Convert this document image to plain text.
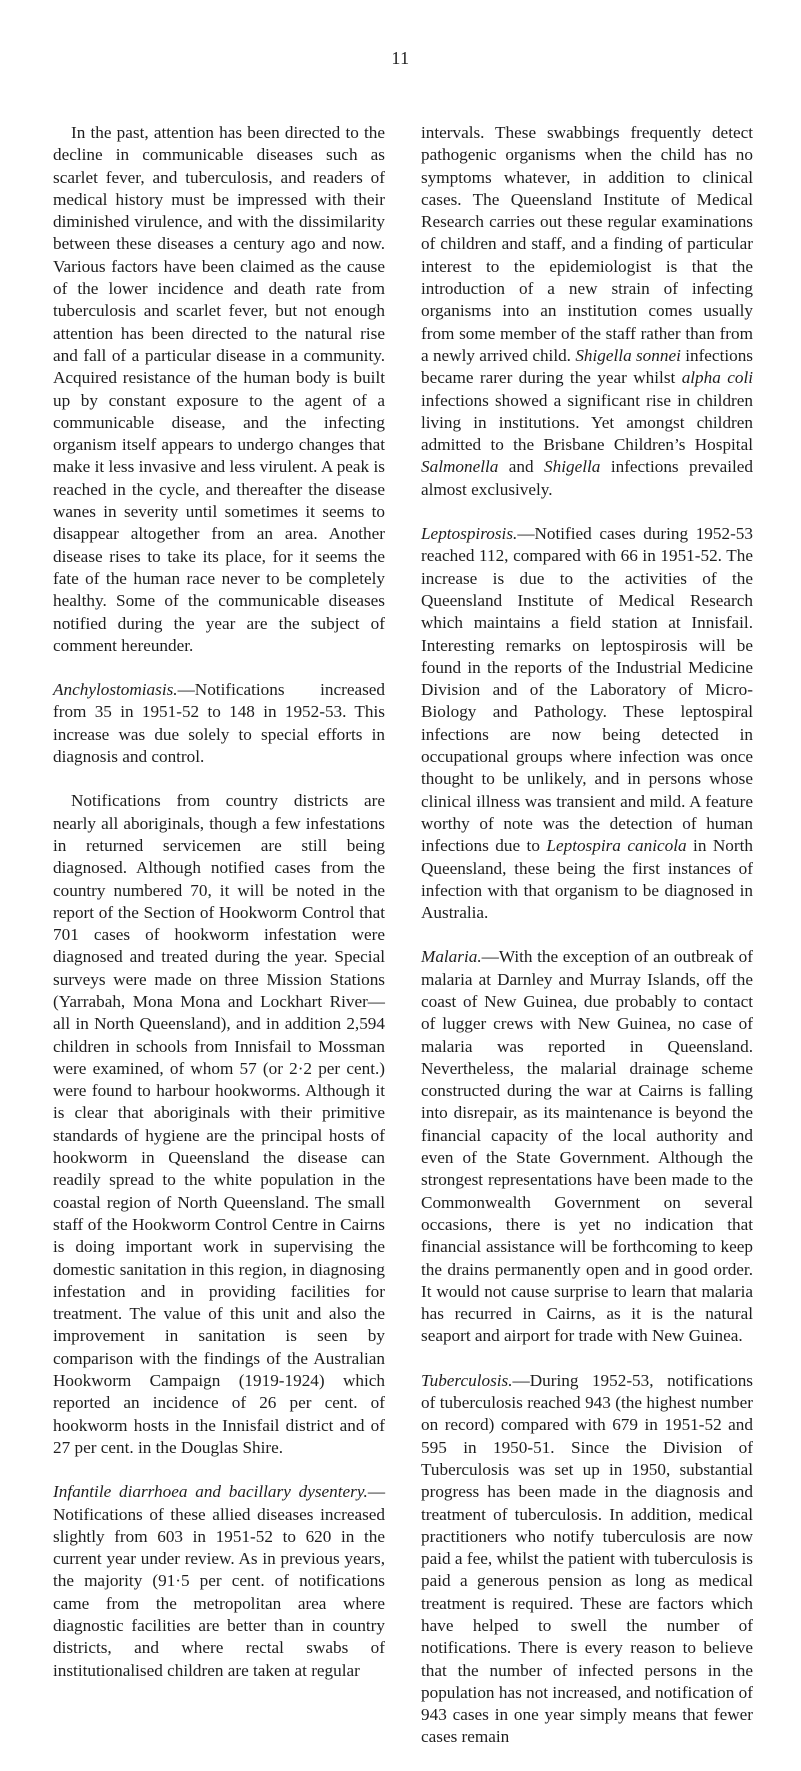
11

In the past, attention has been directed to the decline in communicable diseases such as scarlet fever, and tuberculosis, and readers of medical history must be impressed with their diminished virulence, and with the dissimilarity between these diseases a century ago and now. Various factors have been claimed as the cause of the lower incidence and death rate from tuberculosis and scarlet fever, but not enough attention has been directed to the natural rise and fall of a particular disease in a community. Acquired resistance of the human body is built up by constant exposure to the agent of a communicable disease, and the infecting organism itself appears to undergo changes that make it less invasive and less virulent. A peak is reached in the cycle, and thereafter the disease wanes in severity until sometimes it seems to disappear altogether from an area. Another disease rises to take its place, for it seems the fate of the human race never to be completely healthy. Some of the communicable diseases notified during the year are the subject of comment hereunder.

Anchylostomiasis.—Notifications increased from 35 in 1951-52 to 148 in 1952-53. This increase was due solely to special efforts in diagnosis and control.

Notifications from country districts are nearly all aboriginals, though a few infestations in returned servicemen are still being diagnosed. Although notified cases from the country numbered 70, it will be noted in the report of the Section of Hookworm Control that 701 cases of hookworm infestation were diagnosed and treated during the year. Special surveys were made on three Mission Stations (Yarrabah, Mona Mona and Lockhart River—all in North Queensland), and in addition 2,594 children in schools from Innisfail to Mossman were examined, of whom 57 (or 2·2 per cent.) were found to harbour hookworms. Although it is clear that aboriginals with their primitive standards of hygiene are the principal hosts of hookworm in Queensland the disease can readily spread to the white population in the coastal region of North Queensland. The small staff of the Hookworm Control Centre in Cairns is doing important work in supervising the domestic sanitation in this region, in diagnosing infestation and in providing facilities for treatment. The value of this unit and also the improvement in sanitation is seen by comparison with the findings of the Australian Hookworm Campaign (1919-1924) which reported an incidence of 26 per cent. of hookworm hosts in the Innisfail district and of 27 per cent. in the Douglas Shire.

Infantile diarrhoea and bacillary dysentery.—Notifications of these allied diseases increased slightly from 603 in 1951-52 to 620 in the current year under review. As in previous years, the majority (91·5 per cent. of notifications came from the metropolitan area where diagnostic facilities are better than in country districts, and where rectal swabs of institutionalised children are taken at regular

intervals. These swabbings frequently detect pathogenic organisms when the child has no symptoms whatever, in addition to clinical cases. The Queensland Institute of Medical Research carries out these regular examinations of children and staff, and a finding of particular interest to the epidemiologist is that the introduction of a new strain of infecting organisms into an institution comes usually from some member of the staff rather than from a newly arrived child. Shigella sonnei infections became rarer during the year whilst alpha coli infections showed a significant rise in children living in institutions. Yet amongst children admitted to the Brisbane Children’s Hospital Salmonella and Shigella infections prevailed almost exclusively.

Leptospirosis.—Notified cases during 1952-53 reached 112, compared with 66 in 1951-52. The increase is due to the activities of the Queensland Institute of Medical Research which maintains a field station at Innisfail. Interesting remarks on leptospirosis will be found in the reports of the Industrial Medicine Division and of the Laboratory of Micro-Biology and Pathology. These leptospiral infections are now being detected in occupational groups where infection was once thought to be unlikely, and in persons whose clinical illness was transient and mild. A feature worthy of note was the detection of human infections due to Leptospira canicola in North Queensland, these being the first instances of infection with that organism to be diagnosed in Australia.

Malaria.—With the exception of an outbreak of malaria at Darnley and Murray Islands, off the coast of New Guinea, due probably to contact of lugger crews with New Guinea, no case of malaria was reported in Queensland. Nevertheless, the malarial drainage scheme constructed during the war at Cairns is falling into disrepair, as its maintenance is beyond the financial capacity of the local authority and even of the State Government. Although the strongest representations have been made to the Commonwealth Government on several occasions, there is yet no indication that financial assistance will be forthcoming to keep the drains permanently open and in good order. It would not cause surprise to learn that malaria has recurred in Cairns, as it is the natural seaport and airport for trade with New Guinea.

Tuberculosis.—During 1952-53, notifications of tuberculosis reached 943 (the highest number on record) compared with 679 in 1951-52 and 595 in 1950-51. Since the Division of Tuberculosis was set up in 1950, substantial progress has been made in the diagnosis and treatment of tuberculosis. In addition, medical practitioners who notify tuberculosis are now paid a fee, whilst the patient with tuberculosis is paid a generous pension as long as medical treatment is required. These are factors which have helped to swell the number of notifications. There is every reason to believe that the number of infected persons in the population has not increased, and notification of 943 cases in one year simply means that fewer cases remain
